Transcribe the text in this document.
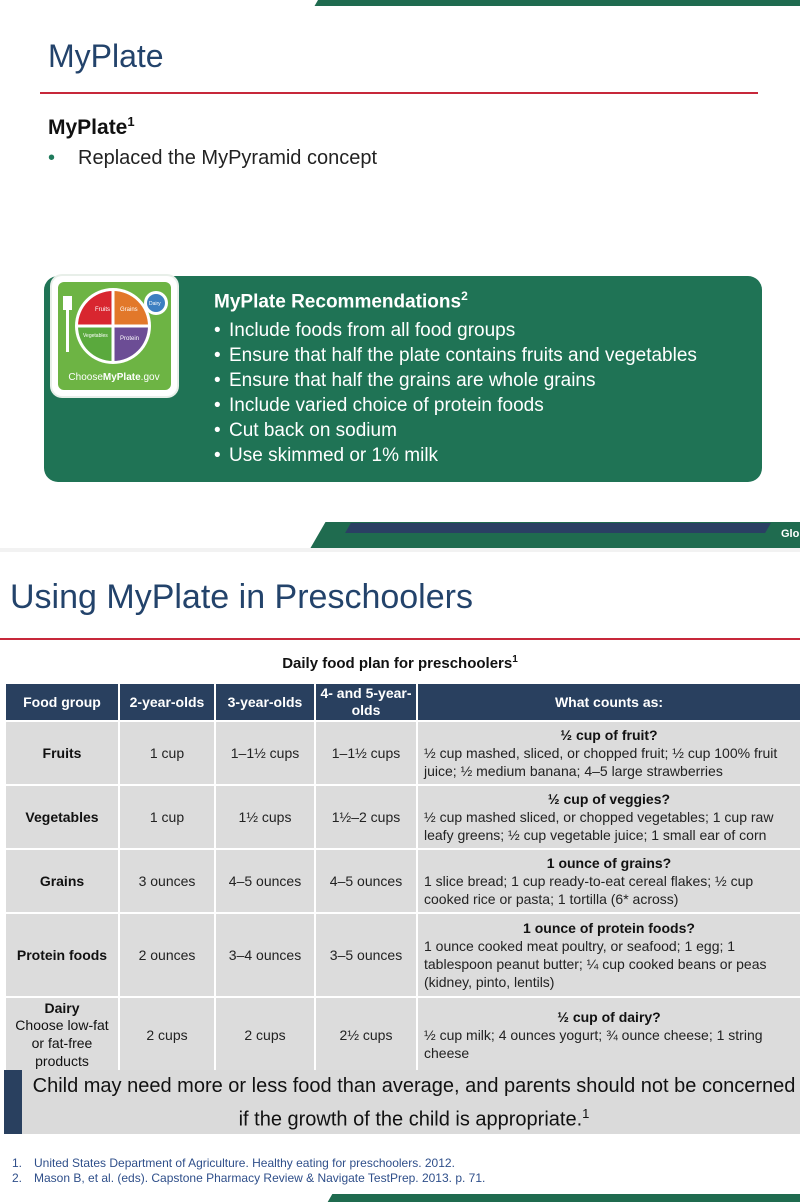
MyPlate
MyPlate$^1$
• Replaced the MyPyramid concept
Fruits Grains
Vegetables Protein
Dairy
ChooseMyPlate.gov
MyPlate Recommendations$^2$
• Include foods from all food groups
• Ensure that half the plate contains fruits and vegetables
• Ensure that half the grains are whole grains
• Include varied choice of protein foods
• Cut back on sodium
• Use skimmed or 1% milk
Glo
Using MyPlate in Preschoolers
Daily food plan for preschoolers$^1$
Food group	2-year-olds	3-year-olds	4- and 5-year-olds	What counts as:
Fruits	1 cup	1–1½ cups	1–1½ cups	½ cup of fruit?
½ cup mashed, sliced, or chopped fruit; ½ cup 100% fruit juice; ½ medium banana; 4–5 large strawberries
Vegetables	1 cup	1½ cups	1½–2 cups	½ cup of veggies?
½ cup mashed sliced, or chopped vegetables; 1 cup raw leafy greens; ½ cup vegetable juice; 1 small ear of corn
Grains	3 ounces	4–5 ounces	4–5 ounces	1 ounce of grains?
1 slice bread; 1 cup ready-to-eat cereal flakes; ½ cup cooked rice or pasta; 1 tortilla (6* across)
Protein foods	2 ounces	3–4 ounces	3–5 ounces	1 ounce of protein foods?
1 ounce cooked meat poultry, or seafood; 1 egg; 1 tablespoon peanut butter; ¼ cup cooked beans or peas (kidney, pinto, lentils)
Dairy
Choose low-fat or fat-free products	2 cups	2 cups	2½ cups	½ cup of dairy?
½ cup milk; 4 ounces yogurt; ¾ ounce cheese; 1 string cheese
Child may need more or less food than average, and parents should not be concerned if the growth of the child is appropriate.$^1$
1. United States Department of Agriculture. Healthy eating for preschoolers. 2012.
2. Mason B, et al. (eds). Capstone Pharmacy Review & Navigate TestPrep. 2013. p. 71.
